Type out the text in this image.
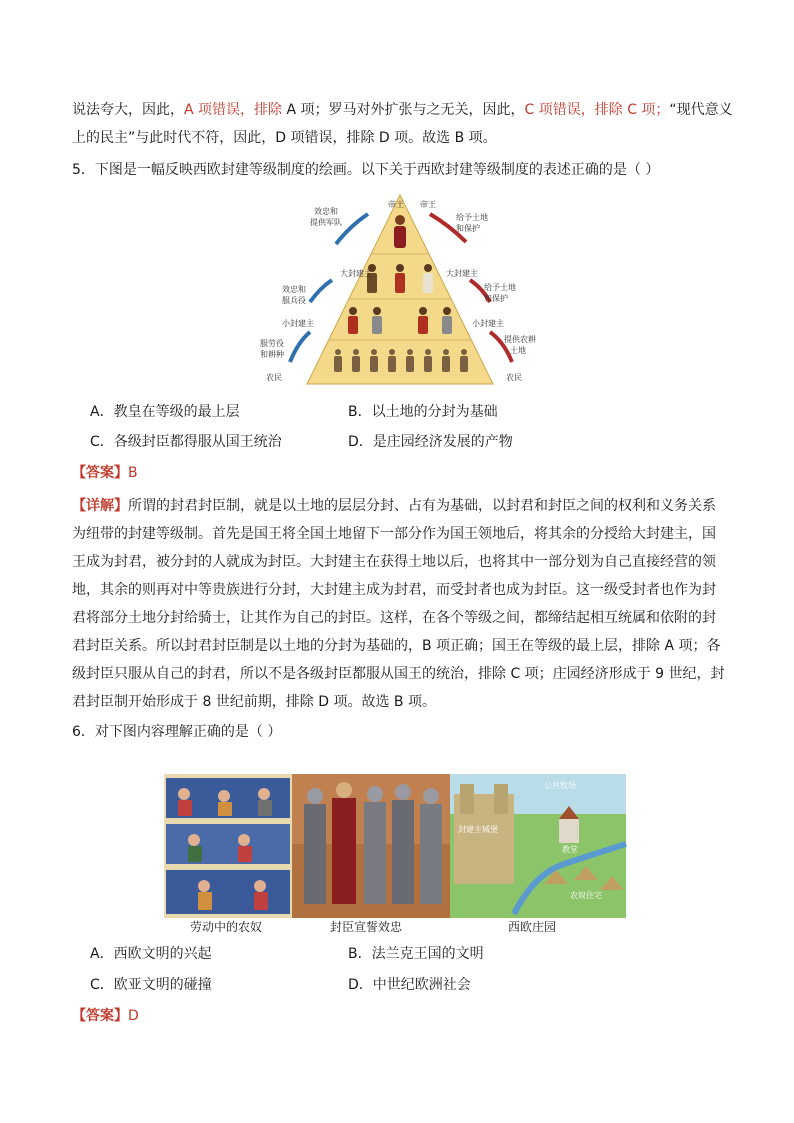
说法夸大，因此，A 项错误，排除 A 项；罗马对外扩张与之无关，因此，C 项错误，排除 C 项；“现代意义
上的民主”与此时代不符，因此，D 项错误，排除 D 项。故选 B 项。
5．下图是一幅反映西欧封建等级制度的绘画。以下关于西欧封建等级制度的表述正确的是（ ）
帝王
效忠和
提供军队
大封建主
效忠和
服兵役
小封建主
服劳役
和耕种
农民
帝王
给予土地
和保护
大封建主
给予土地
和保护
小封建主
提供农耕
土地
农民
A．教皇在等级的最上层	B．以土地的分封为基础
C．各级封臣都得服从国王统治	D．是庄园经济发展的产物
【答案】B
【详解】所谓的封君封臣制，就是以土地的层层分封、占有为基础，以封君和封臣之间的权利和义务关系
为纽带的封建等级制。首先是国王将全国土地留下一部分作为国王领地后，将其余的分授给大封建主，国
王成为封君，被分封的人就成为封臣。大封建主在获得土地以后，也将其中一部分划为自己直接经营的领
地，其余的则再对中等贵族进行分封，大封建主成为封君，而受封者也成为封臣。这一级受封者也作为封
君将部分土地分封给骑士，让其作为自己的封臣。这样，在各个等级之间，都缔结起相互统属和依附的封
君封臣关系。所以封君封臣制是以土地的分封为基础的，B 项正确；国王在等级的最上层，排除 A 项；各
级封臣只服从自己的封君，所以不是各级封臣都服从国王的统治，排除 C 项；庄园经济形成于 9 世纪，封
君封臣制开始形成于 8 世纪前期，排除 D 项。故选 B 项。
6．对下图内容理解正确的是（ ）
公共牧场
封建主城堡
教堂
农奴住宅
劳动中的农奴	封臣宣誓效忠	西欧庄园
A．西欧文明的兴起	B．法兰克王国的文明
C．欧亚文明的碰撞	D．中世纪欧洲社会
【答案】D
